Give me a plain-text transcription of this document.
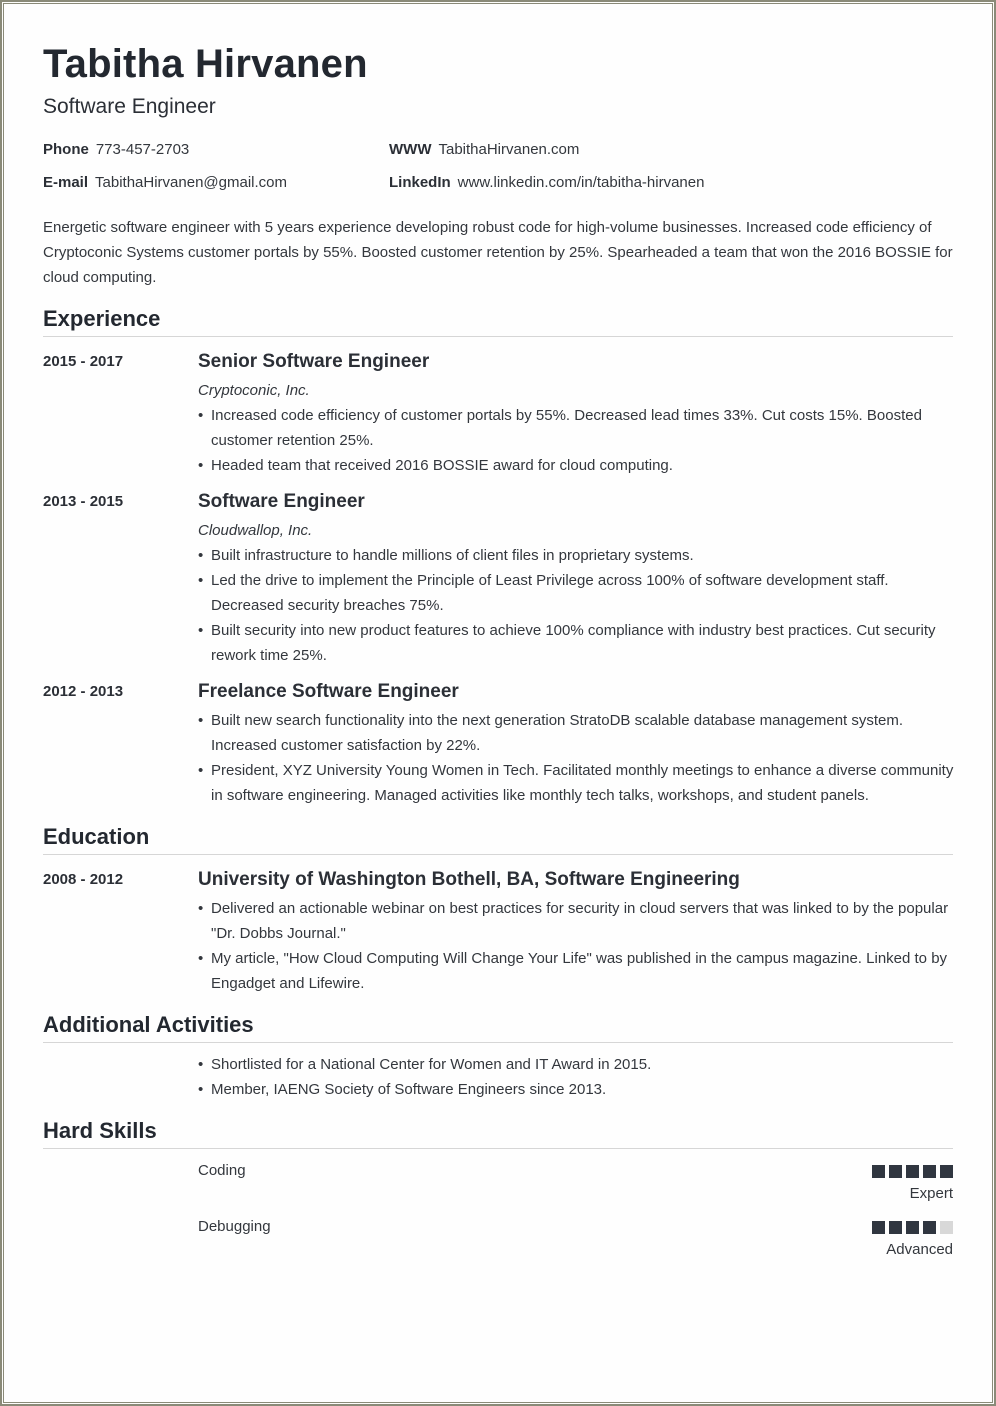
Tabitha Hirvanen
Software Engineer
Phone 773-457-2703	WWW TabithaHirvanen.com
E-mail TabithaHirvanen@gmail.com	LinkedIn www.linkedin.com/in/tabitha-hirvanen
Energetic software engineer with 5 years experience developing robust code for high-volume businesses. Increased code efficiency of Cryptoconic Systems customer portals by 55%. Boosted customer retention by 25%. Spearheaded a team that won the 2016 BOSSIE for cloud computing.
Experience
2015 - 2017	Senior Software Engineer
Cryptoconic, Inc.
• Increased code efficiency of customer portals by 55%. Decreased lead times 33%. Cut costs 15%. Boosted customer retention 25%.
• Headed team that received 2016 BOSSIE award for cloud computing.
2013 - 2015	Software Engineer
Cloudwallop, Inc.
• Built infrastructure to handle millions of client files in proprietary systems.
• Led the drive to implement the Principle of Least Privilege across 100% of software development staff. Decreased security breaches 75%.
• Built security into new product features to achieve 100% compliance with industry best practices. Cut security rework time 25%.
2012 - 2013	Freelance Software Engineer
• Built new search functionality into the next generation StratoDB scalable database management system. Increased customer satisfaction by 22%.
• President, XYZ University Young Women in Tech. Facilitated monthly meetings to enhance a diverse community in software engineering. Managed activities like monthly tech talks, workshops, and student panels.
Education
2008 - 2012	University of Washington Bothell, BA, Software Engineering
• Delivered an actionable webinar on best practices for security in cloud servers that was linked to by the popular "Dr. Dobbs Journal."
• My article, "How Cloud Computing Will Change Your Life" was published in the campus magazine. Linked to by Engadget and Lifewire.
Additional Activities
• Shortlisted for a National Center for Women and IT Award in 2015.
• Member, IAENG Society of Software Engineers since 2013.
Hard Skills
Coding
Expert
Debugging
Advanced
